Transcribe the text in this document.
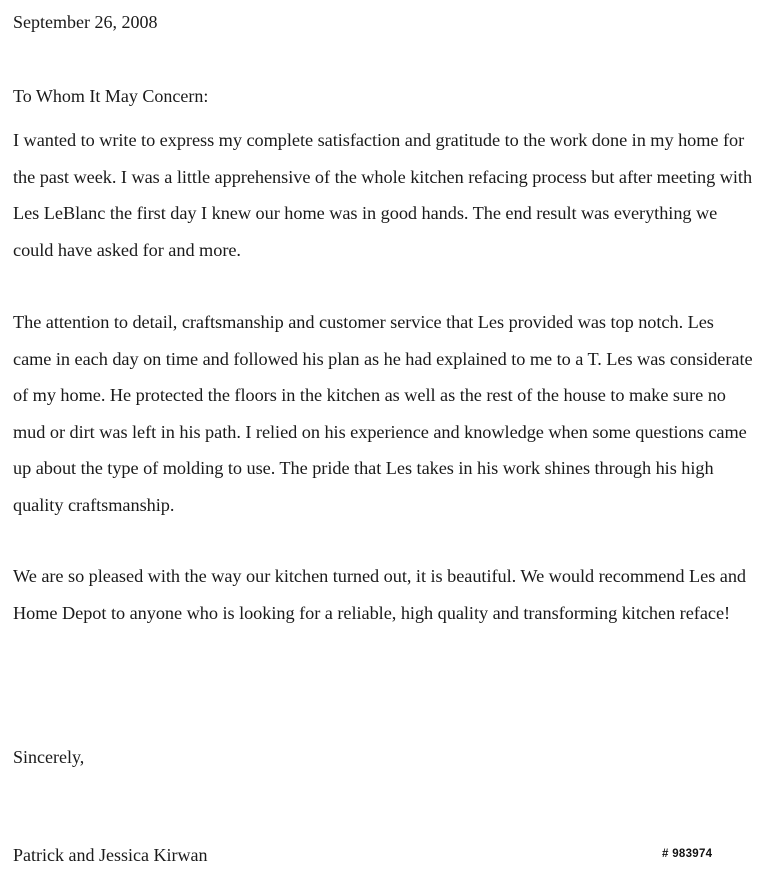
September 26, 2008
To Whom It May Concern:

I wanted to write to express my complete satisfaction and gratitude to the work done in my home for the past week. I was a little apprehensive of the whole kitchen refacing process but after meeting with Les LeBlanc the first day I knew our home was in good hands. The end result was everything we could have asked for and more.

The attention to detail, craftsmanship and customer service that Les provided was top notch. Les came in each day on time and followed his plan as he had explained to me to a T. Les was considerate of my home. He protected the floors in the kitchen as well as the rest of the house to make sure no mud or dirt was left in his path. I relied on his experience and knowledge when some questions came up about the type of molding to use. The pride that Les takes in his work shines through his high quality craftsmanship.

We are so pleased with the way our kitchen turned out, it is beautiful. We would recommend Les and Home Depot to anyone who is looking for a reliable, high quality and transforming kitchen reface!

Sincerely,
Patrick and Jessica Kirwan	# 983974
